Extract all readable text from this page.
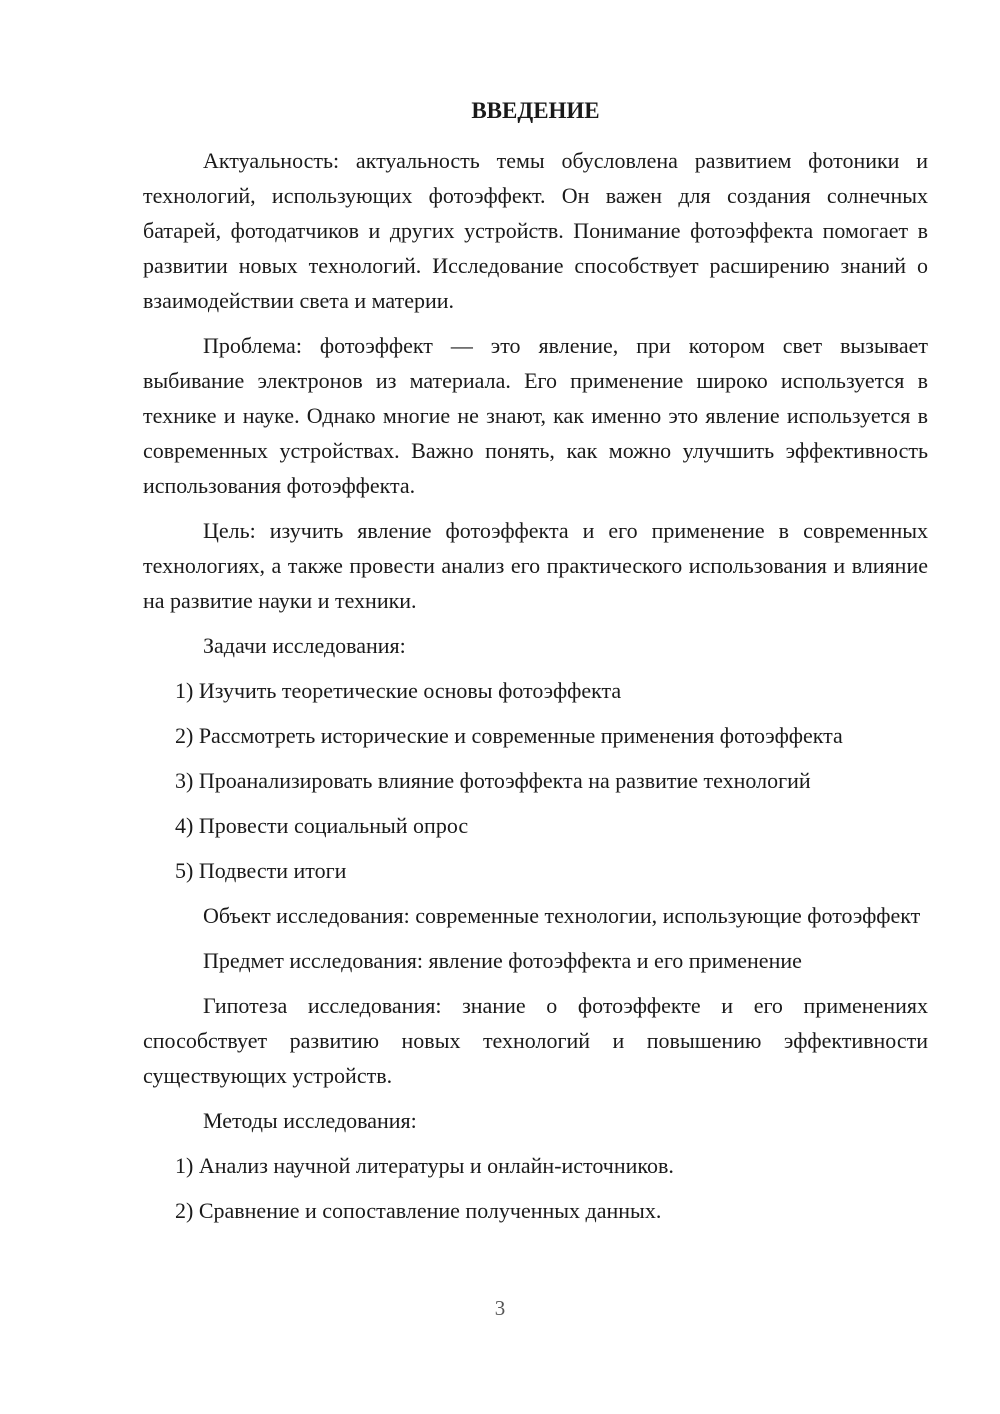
ВВЕДЕНИЕ

Актуальность: актуальность темы обусловлена развитием фотоники и технологий, использующих фотоэффект. Он важен для создания солнечных батарей, фотодатчиков и других устройств. Понимание фотоэффекта помогает в развитии новых технологий. Исследование способствует расширению знаний о взаимодействии света и материи.

Проблема: фотоэффект — это явление, при котором свет вызывает выбивание электронов из материала. Его применение широко используется в технике и науке. Однако многие не знают, как именно это явление используется в современных устройствах. Важно понять, как можно улучшить эффективность использования фотоэффекта.

Цель: изучить явление фотоэффекта и его применение в современных технологиях, а также провести анализ его практического использования и влияние на развитие науки и техники.

Задачи исследования:

1) Изучить теоретические основы фотоэффекта

2) Рассмотреть исторические и современные применения фотоэффекта

3) Проанализировать влияние фотоэффекта на развитие технологий

4) Провести социальный опрос

5) Подвести итоги

Объект исследования: современные технологии, использующие фотоэффект

Предмет исследования: явление фотоэффекта и его применение

Гипотеза исследования: знание о фотоэффекте и его применениях способствует развитию новых технологий и повышению эффективности существующих устройств.

Методы исследования:

1) Анализ научной литературы и онлайн-источников.

2) Сравнение и сопоставление полученных данных.

3
